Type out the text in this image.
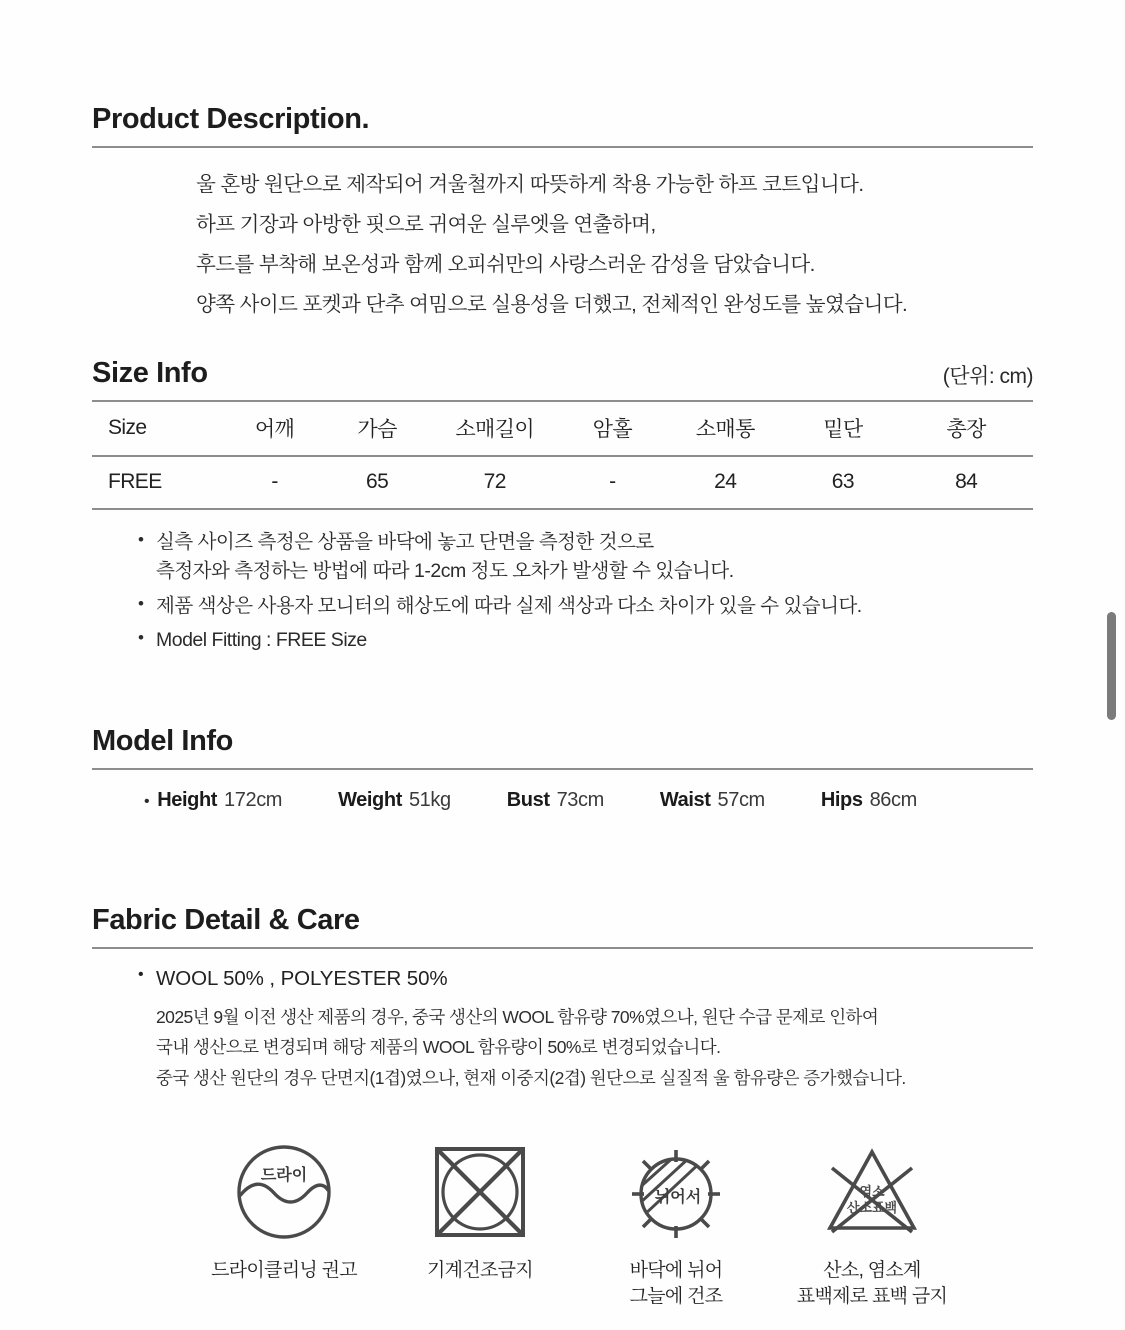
Product Description.

울 혼방 원단으로 제작되어 겨울철까지 따뜻하게 착용 가능한 하프 코트입니다.

하프 기장과 아방한 핏으로 귀여운 실루엣을 연출하며,

후드를 부착해 보온성과 함께 오피쉬만의 사랑스러운 감성을 담았습니다.

양쪽 사이드 포켓과 단추 여밈으로 실용성을 더했고, 전체적인 완성도를 높였습니다.

Size Info	(단위: cm)
Size	어깨	가슴	소매길이	암홀	소매통	밑단	총장
FREE	-	65	72	-	24	63	84
• 실측 사이즈 측정은 상품을 바닥에 놓고 단면을 측정한 것으로
측정자와 측정하는 방법에 따라 1-2cm 정도 오차가 발생할 수 있습니다.
• 제품 색상은 사용자 모니터의 해상도에 따라 실제 색상과 다소 차이가 있을 수 있습니다.
• Model Fitting : FREE Size
Model Info
• Height 172cm	Weight 51kg	Bust 73cm	Waist 57cm	Hips 86cm
Fabric Detail & Care
• WOOL 50% , POLYESTER 50%

2025년 9월 이전 생산 제품의 경우, 중국 생산의 WOOL 함유량 70%였으나, 원단 수급 문제로 인하여

국내 생산으로 변경되며 해당 제품의 WOOL 함유량이 50%로 변경되었습니다.

중국 생산 원단의 경우 단면지(1겹)였으나, 현재 이중지(2겹) 원단으로 실질적 울 함유량은 증가했습니다.

드라이
드라이클리닝 권고	기계건조금지
뉘어서
바닥에 뉘어
그늘에 건조
염소
산소표백
산소, 염소계
표백제로 표백 금지
